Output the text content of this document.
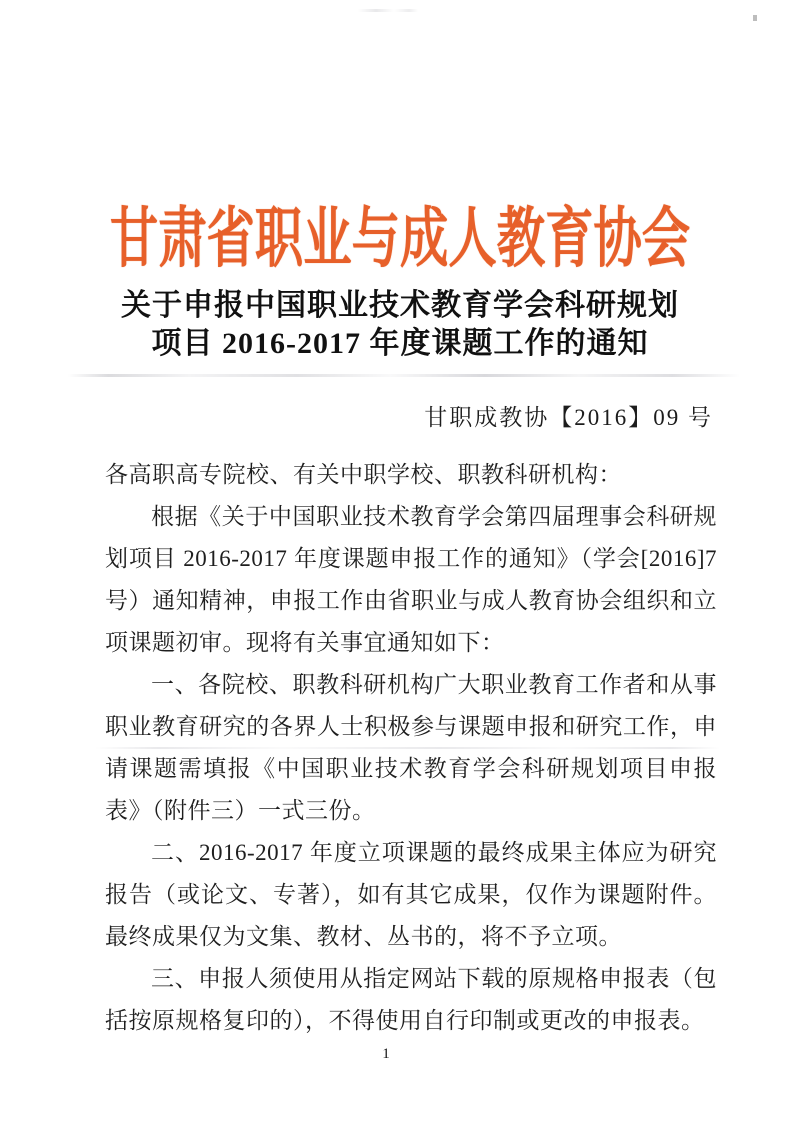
甘肃省职业与成人教育协会
关于申报中国职业技术教育学会科研规划
项目 2016-2017 年度课题工作的通知
甘职成教协【2016】09 号
各高职高专院校、有关中职学校、职教科研机构：
根据《关于中国职业技术教育学会第四届理事会科研规
划项目 2016-2017 年度课题申报工作的通知》（学会[2016]7
号）通知精神，申报工作由省职业与成人教育协会组织和立
项课题初审。现将有关事宜通知如下：
一、各院校、职教科研机构广大职业教育工作者和从事
职业教育研究的各界人士积极参与课题申报和研究工作，申
请课题需填报《中国职业技术教育学会科研规划项目申报
表》（附件三）一式三份。
二、2016-2017 年度立项课题的最终成果主体应为研究
报告（或论文、专著），如有其它成果，仅作为课题附件。
最终成果仅为文集、教材、丛书的，将不予立项。
三、申报人须使用从指定网站下载的原规格申报表（包
括按原规格复印的），不得使用自行印制或更改的申报表。
1
